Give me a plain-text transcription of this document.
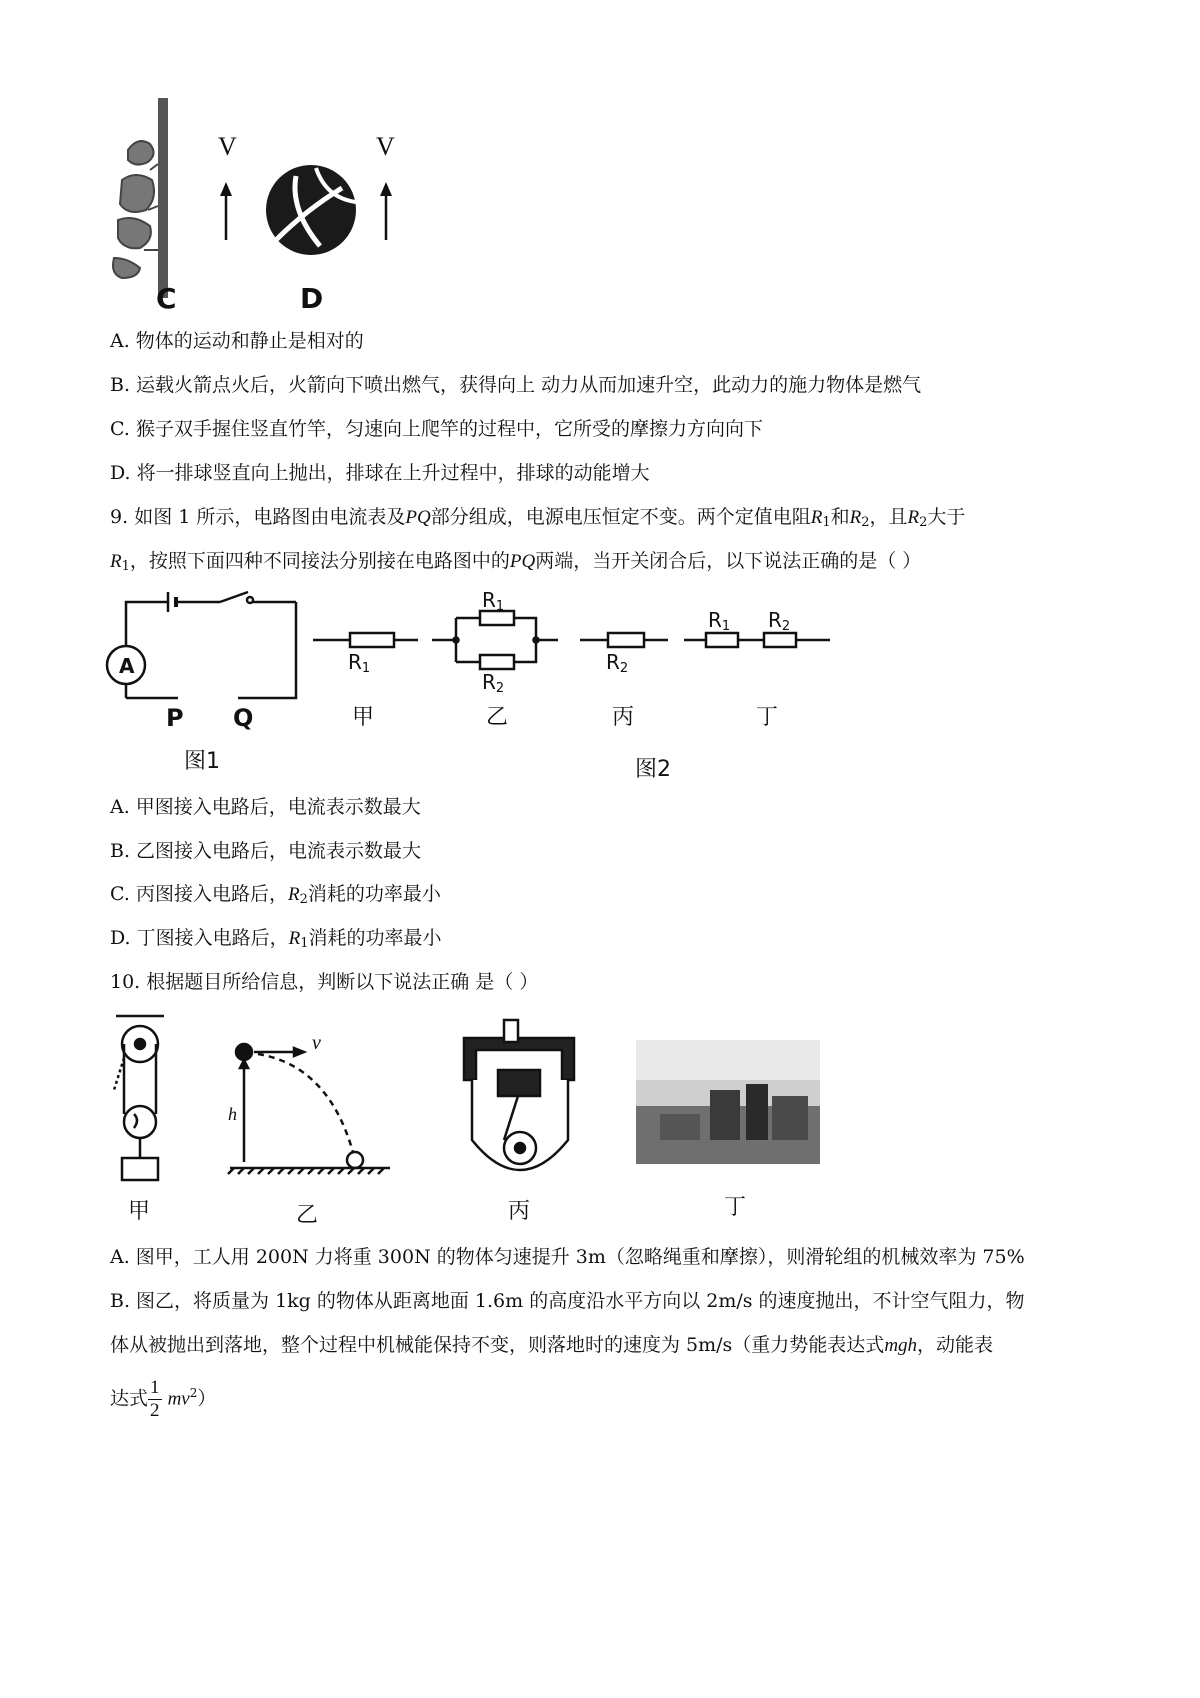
V	V
C	D
A. 物体的运动和静止是相对的
B. 运载火箭点火后，火箭向下喷出燃气，获得向上 动力从而加速升空，此动力的施力物体是燃气
C. 猴子双手握住竖直竹竿，匀速向上爬竿的过程中，它所受的摩擦力方向向下
D. 将一排球竖直向上抛出，排球在上升过程中，排球的动能增大
9. 如图 1 所示，电路图由电流表及PQ部分组成，电源电压恒定不变。两个定值电阻$R_1$和$R_2$，且$R_2$大于
$R_1$，按照下面四种不同接法分别接在电路图中的PQ两端，当开关闭合后，以下说法正确的是（ ）
A
P Q
图1	图2
$R_1$
$R_1$
$R_2$
$R_2$
$R_1$ $R_2$
甲	乙	丙	丁
A. 甲图接入电路后，电流表示数最大
B. 乙图接入电路后，电流表示数最大
C. 丙图接入电路后，$R_2$消耗的功率最小
D. 丁图接入电路后，$R_1$消耗的功率最小
10. 根据题目所给信息，判断以下说法正确 是（ ）
v
h
甲	乙	丙	丁
A. 图甲，工人用 200N 力将重 300N 的物体匀速提升 3m（忽略绳重和摩擦），则滑轮组的机械效率为 75%
B. 图乙，将质量为 1kg 的物体从距离地面 1.6m 的高度沿水平方向以 2m/s 的速度抛出，不计空气阻力，物
体从被抛出到落地，整个过程中机械能保持不变，则落地时的速度为 5m/s（重力势能表达式mgh，动能表
达式 $\frac{1}{2} mv^2$）
